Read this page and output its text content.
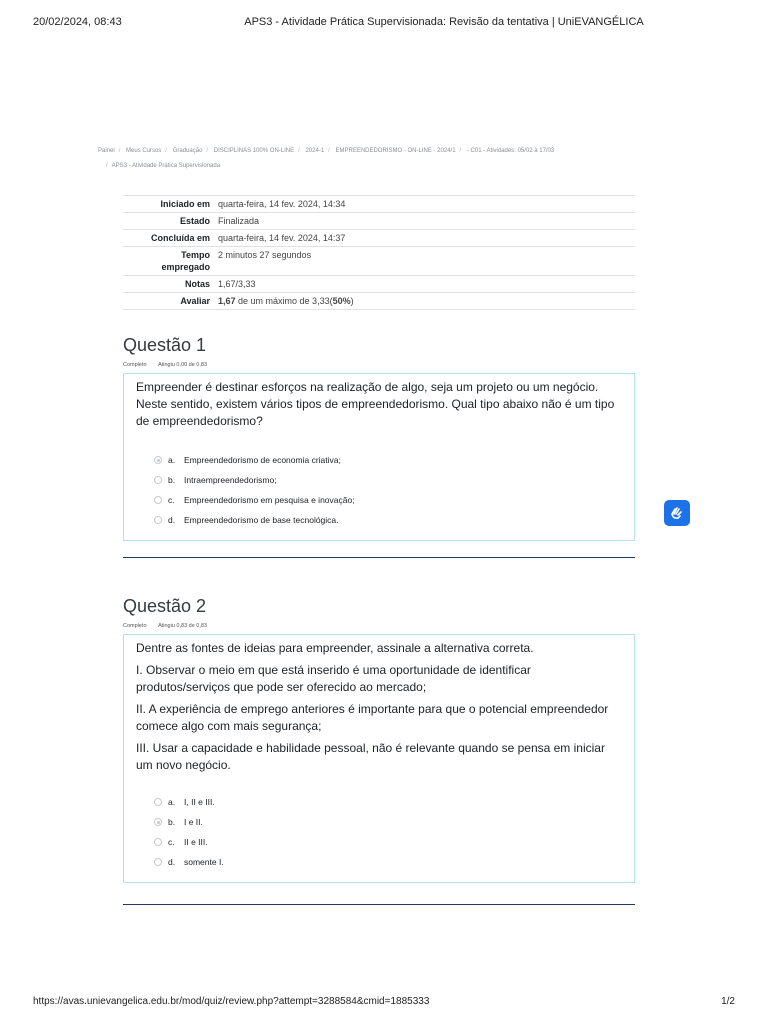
20/02/2024, 08:43	APS3 - Atividade Prática Supervisionada: Revisão da tentativa | UniEVANGÉLICA
Painel / Meus Cursos / Graduação / DISCIPLINAS 100% ON-LINE / 2024-1 / EMPREENDEDORISMO - ON-LINE - 2024/1 / - C01 - Atividades: 05/02 à 17/03
/ APS3 - Atividade Prática Supervisionada
Iniciado em	quarta-feira, 14 fev. 2024, 14:34
Estado	Finalizada
Concluída em	quarta-feira, 14 fev. 2024, 14:37
Tempo
empregado	2 minutos 27 segundos
Notas	1,67/3,33
Avaliar	1,67 de um máximo de 3,33(50%)
Questão 1
Completo Atingiu 0,00 de 0,83

Empreender é destinar esforços na realização de algo, seja um projeto ou um negócio. Neste sentido, existem vários tipos de empreendedorismo. Qual tipo abaixo não é um tipo de empreendedorismo?

a.	Empreendedorismo de economia criativa;
b.	Intraempreendedorismo;
c.	Empreendedorismo em pesquisa e inovação;
d.	Empreendedorismo de base tecnológica.
Questão 2
Completo Atingiu 0,83 de 0,83

Dentre as fontes de ideias para empreender, assinale a alternativa correta.

I. Observar o meio em que está inserido é uma oportunidade de identificar produtos/serviços que pode ser oferecido ao mercado;

II. A experiência de emprego anteriores é importante para que o potencial empreendedor comece algo com mais segurança;

III. Usar a capacidade e habilidade pessoal, não é relevante quando se pensa em iniciar um novo negócio.

a.	I, II e III.
b.	I e II.
c.	II e III.
d.	somente I.
https://avas.unievangelica.edu.br/mod/quiz/review.php?attempt=3288584&cmid=1885333	1/2
